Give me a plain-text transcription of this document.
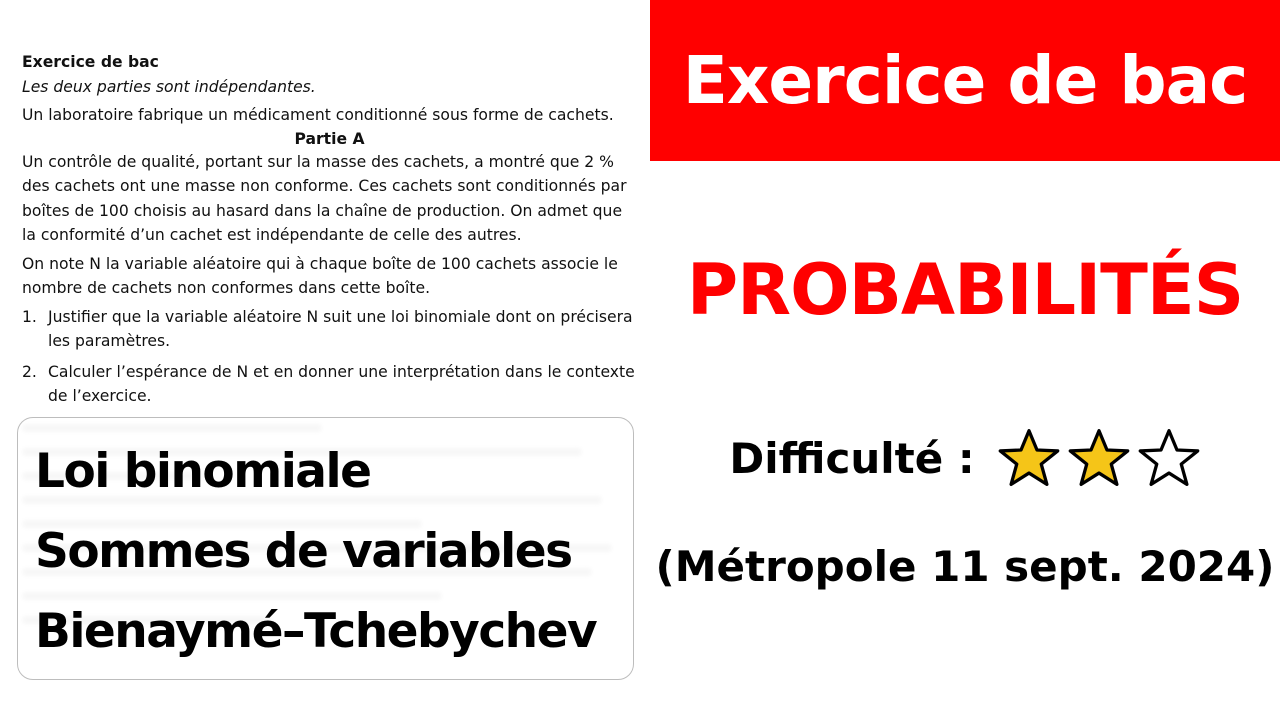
Exercice de bac

Les deux parties sont indépendantes.

Un laboratoire fabrique un médicament conditionné sous forme de cachets.

Partie A

Un contrôle de qualité, portant sur la masse des cachets, a montré que 2 % des cachets ont une masse non conforme. Ces cachets sont conditionnés par boîtes de 100 choisis au hasard dans la chaîne de production. On admet que la conformité d’un cachet est indépendante de celle des autres.

On note N la variable aléatoire qui à chaque boîte de 100 cachets associe le nombre de cachets non conformes dans cette boîte.

1. Justifier que la variable aléatoire N suit une loi binomiale dont on précisera les paramètres.
2. Calculer l’espérance de N et en donner une interprétation dans le contexte de l’exercice.
Loi binomiale
Sommes de variables
Bienaymé–Tchebychev
Exercice de bac
PROBABILITÉS
Difficulté :
(Métropole 11 sept. 2024)
